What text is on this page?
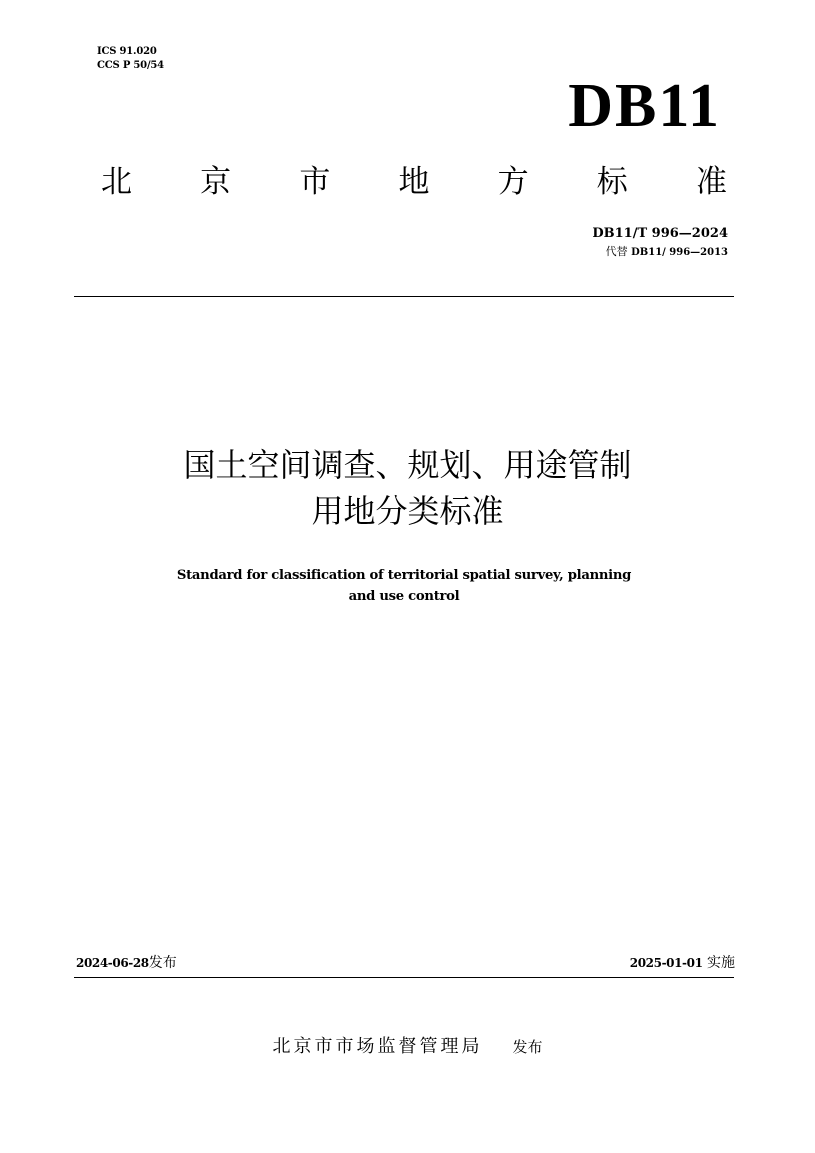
ICS 91.020
CCS P 50/54
DB11
北 京 市 地 方 标 准
DB11/T 996—2024
代替 DB11/ 996—2013
国土空间调查、规划、用途管制
用地分类标准
Standard for classification of territorial spatial survey, planning
and use control
2024-06-28发布	2025-01-01 实施
北京市市场监督管理局 发布
